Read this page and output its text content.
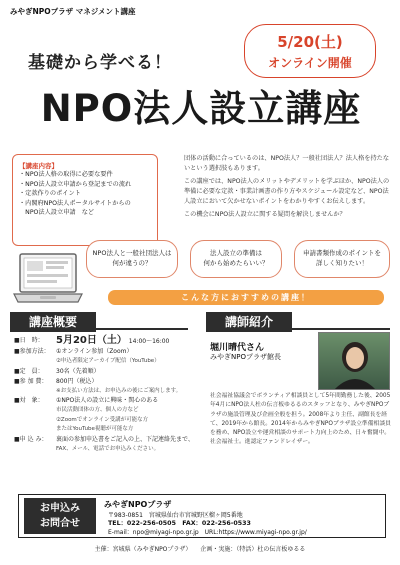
みやぎNPOプラザ マネジメント講座
5/20(土)
オンライン開催
基礎から学べる！
NPO法人設立講座
【講座内容】
・NPO法人格の取得に必要な要件
・NPO法人設立申請から登記までの流れ
・定款作りのポイント
・内閣府NPO法人ポータルサイトからの
　NPO法人設立申請　など

団体の活動に合っているのは、NPO法人？一般社団法人？法人格を持たないという選択肢もあります。

この講座では、NPO法人のメリットやデメリットを学ぶほか、NPO法人の準備に必要な定款・事業計画書の作り方やスケジュール設定など、NPO法人設立において欠かせないポイントをわかりやすくお伝えします。

この機会にNPO法人設立に関する疑問を解決しませんか？

NPO法人と一般社団法人は
何が違うの？
法人設立の準備は
何から始めたらいい？
申請書類作成のポイントを
詳しく知りたい！
こんな方におすすめの講座！
講座概要	講師紹介
■日　時：	5月20日（土） 14:00～16:00
■参加方法：	①オンライン参加（Zoom）
②申込者限定アーカイブ配信（YouTube）
■定　員：	30名（先着順）
■参 加 費：	800円（税込）
※お支払い方法は、お申込みの後にご案内します。
■対　象：	①NPO法人の設立に興味・関心のある
市民活動団体の方、個人の方など
②Zoomでオンライン受講が可能な方
またはYouTube視聴が可能な方
■申 込 み：	裏面の参加申込書をご記入の上、下記連絡先まで、
FAX、メール、電話でお申込みください。
堀川晴代さん
みやぎNPOプラザ館長
社会福祉協議会でボランティア相談員として5年間勤務した後、2005年4月にNPO法人杜の伝言板ゆるるのスタッフとなり、みやぎNPOプラザの施設管理及び企画全般を担う。2008年より主任、副館長を経て、2019年から館長。2014年からみやぎNPOプラザ設立準備相談員を務め、NPO設立や運営相談のサポート力向上のため、日々奮闘中。社会福祉士。進認定ファンドレイザー。
お申込み
お問合せ
みやぎNPOプラザ
〒983-0851　宮城県仙台市宮城野区榴ヶ岡5番地
TEL：022-256-0505　FAX：022-256-0533
E-mail：npo@miyagi-npo.gr.jp　URL:https://www.miyagi-npo.gr.jp/
主催：宮城県（みやぎNPOプラザ）　　企画・実施：（特活）杜の伝言板ゆるる
